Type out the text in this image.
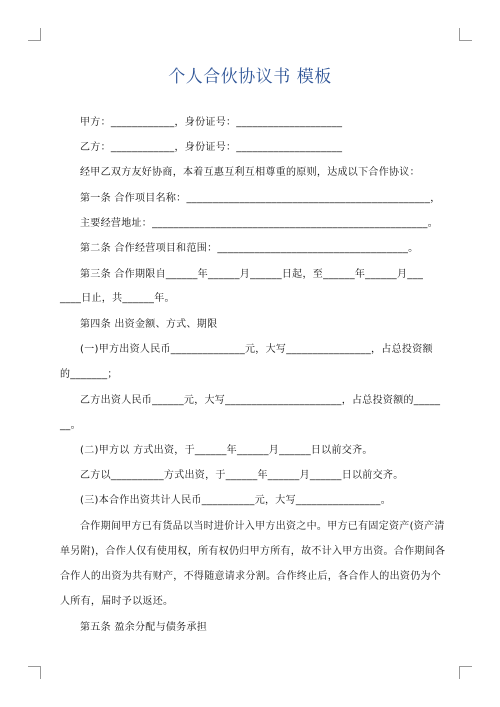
个人合伙协议书 模板
甲方：____________，身份证号：____________________
乙方：____________，身份证号：____________________
经甲乙双方友好协商，本着互惠互利互相尊重的原则，达成以下合作协议：
第一条 合作项目名称：______________________________________________，
主要经营地址：____________________________________________________。
第二条 合作经营项目和范围：____________________________________。
第三条 合作期限自______年______月______日起，至______年______月___
____日止，共______年。
第四条 出资金额、方式、期限
(一)甲方出资人民币______________元，大写________________，占总投资额
的_______；
乙方出资人民币______元，大写______________________，占总投资额的_____
__。
(二)甲方以 方式出资，于______年______月______日以前交齐。
乙方以__________方式出资，于______年______月______日以前交齐。
(三)本合作出资共计人民币__________元，大写________________。
合作期间甲方已有货品以当时进价计入甲方出资之中。甲方已有固定资产(资产清
单另附)，合作人仅有使用权，所有权仍归甲方所有，故不计入甲方出资。合作期间各
合作人的出资为共有财产，不得随意请求分割。合作终止后，各合作人的出资仍为个
人所有，届时予以返还。
第五条 盈余分配与债务承担
